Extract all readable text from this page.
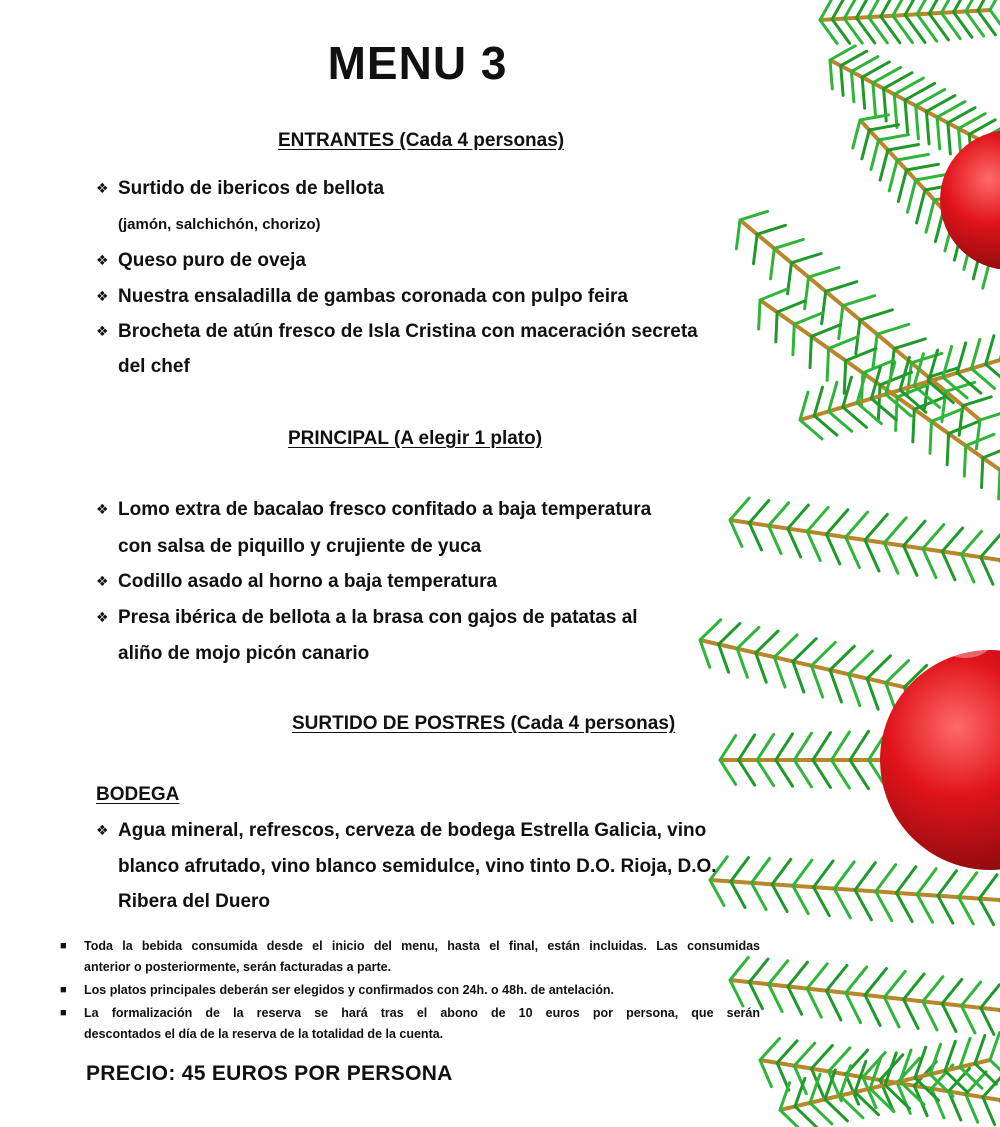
MENU 3
ENTRANTES (Cada 4 personas)
❖ Surtido de ibericos de bellota
(jamón, salchichón, chorizo)
❖ Queso puro de oveja
❖ Nuestra ensaladilla de gambas coronada con pulpo feira
❖ Brocheta de atún fresco de Isla Cristina con maceración secreta
del chef
PRINCIPAL (A elegir 1 plato)
❖ Lomo extra de bacalao fresco confitado a baja temperatura
con salsa de piquillo y crujiente de yuca
❖ Codillo asado al horno a baja temperatura
❖ Presa ibérica de bellota a la brasa con gajos de patatas al
aliño de mojo picón canario
SURTIDO DE POSTRES (Cada 4 personas)
BODEGA
❖ Agua mineral, refrescos, cerveza de bodega Estrella Galicia, vino
blanco afrutado, vino blanco semidulce, vino tinto D.O. Rioja, D.O.
Ribera del Duero
■ Toda la bebida consumida desde el inicio del menu, hasta el final, están incluidas. Las consumidas
anterior o posteriormente, serán facturadas a parte.
■ Los platos principales deberán ser elegidos y confirmados con 24h. o 48h. de antelación.
■ La formalización de la reserva se hará tras el abono de 10 euros por persona, que serán
descontados el día de la reserva de la totalidad de la cuenta.
PRECIO: 45 EUROS POR PERSONA
